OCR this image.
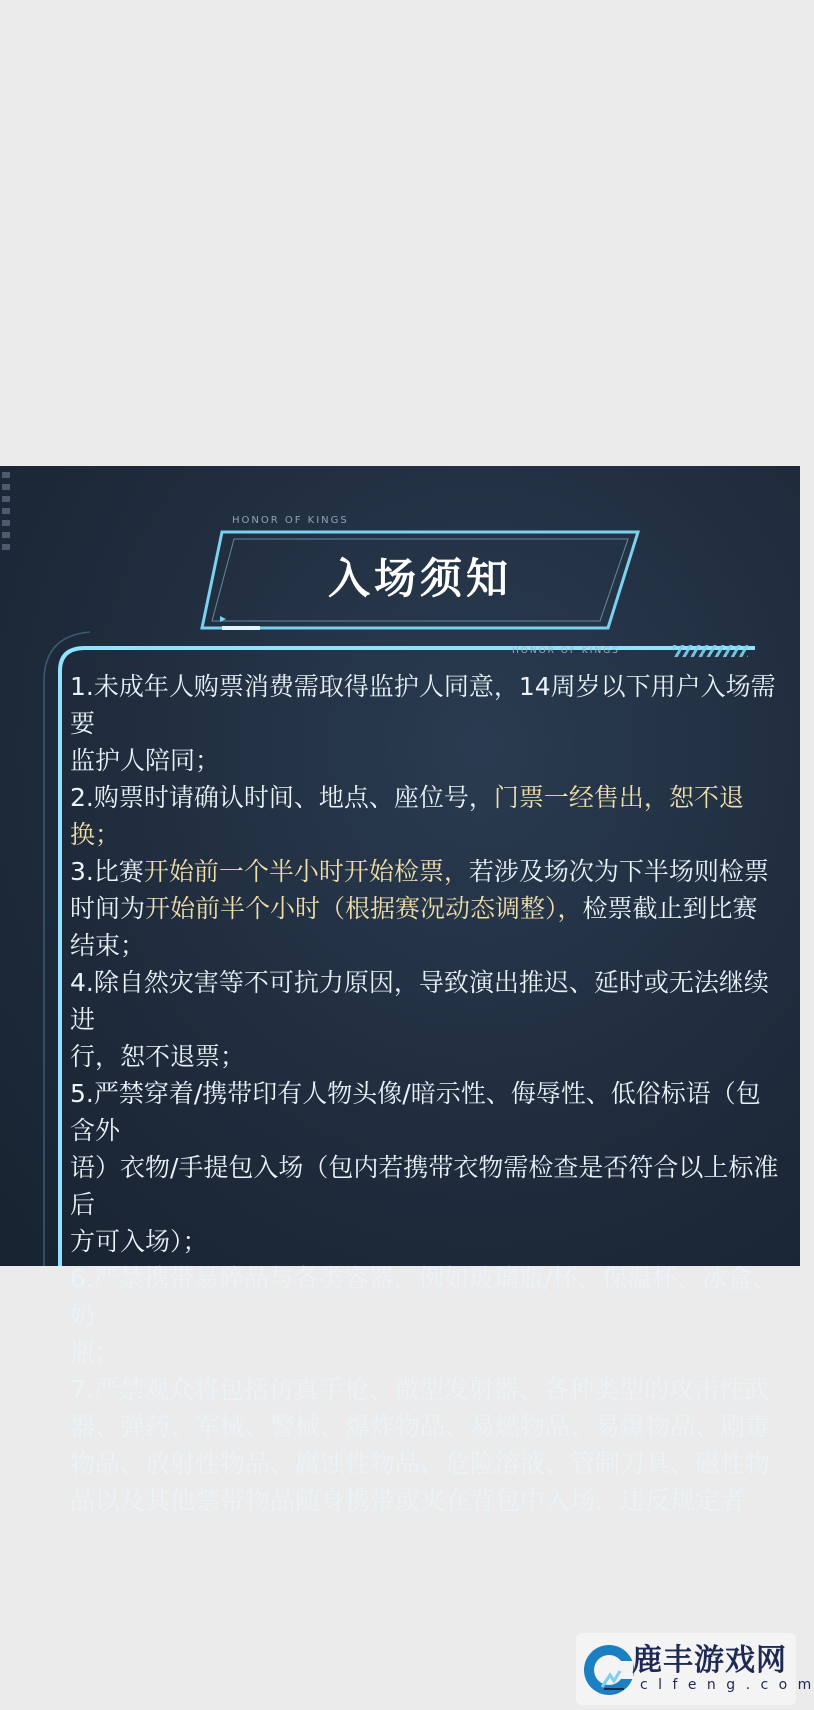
HONOR OF KINGS
入场须知
HONOR OF KINGS
1.未成年人购票消费需取得监护人同意，14周岁以下用户入场需要
监护人陪同；
2.购票时请确认时间、地点、座位号，门票一经售出，恕不退换；
3.比赛开始前一个半小时开始检票，若涉及场次为下半场则检票
时间为开始前半个小时（根据赛况动态调整），检票截止到比赛
结束；
4.除自然灾害等不可抗力原因，导致演出推迟、延时或无法继续进
行，恕不退票；
5.严禁穿着/携带印有人物头像/暗示性、侮辱性、低俗标语（包含外
语）衣物/手提包入场（包内若携带衣物需检查是否符合以上标准后
方可入场）；
6.严禁携带易碎品与各类容器，例如玻璃瓶/杯、保温杯、冰盒、奶
瓶；
7.严禁观众将包括仿真手枪、微型发射器、各种类型的攻击性武
器、弹药、军械、警械、爆炸物品、易燃物品、易爆物品、剧毒
物品、放射性物品、腐蚀性物品、危险溶液、管制刀具、磁性物
品以及其他禁带物品随身携带或夹在背包中入场，违反规定者
鹿丰游戏网
c l f e n g . c o m
